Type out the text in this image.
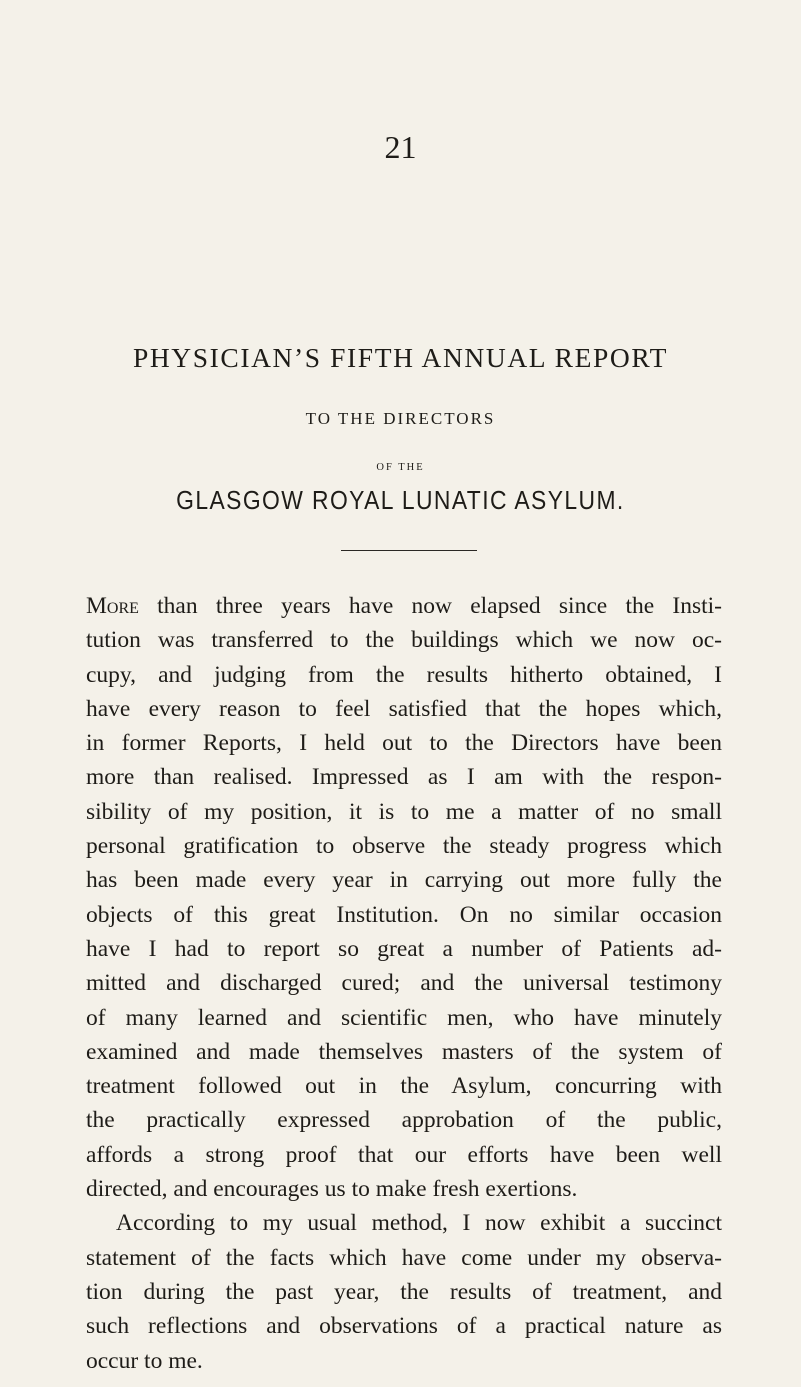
21
PHYSICIAN’S FIFTH ANNUAL REPORT
TO THE DIRECTORS
OF THE
GLASGOW ROYAL LUNATIC ASYLUM.

More than three years have now elapsed since the Insti-
tution was transferred to the buildings which we now oc-
cupy, and judging from the results hitherto obtained, I
have every reason to feel satisfied that the hopes which,
in former Reports, I held out to the Directors have been
more than realised. Impressed as I am with the respon-
sibility of my position, it is to me a matter of no small
personal gratification to observe the steady progress which
has been made every year in carrying out more fully the
objects of this great Institution. On no similar occasion
have I had to report so great a number of Patients ad-
mitted and discharged cured; and the universal testimony
of many learned and scientific men, who have minutely
examined and made themselves masters of the system of
treatment followed out in the Asylum, concurring with
the practically expressed approbation of the public,
affords a strong proof that our efforts have been well
directed, and encourages us to make fresh exertions.

According to my usual method, I now exhibit a succinct
statement of the facts which have come under my observa-
tion during the past year, the results of treatment, and
such reflections and observations of a practical nature as
occur to me.
